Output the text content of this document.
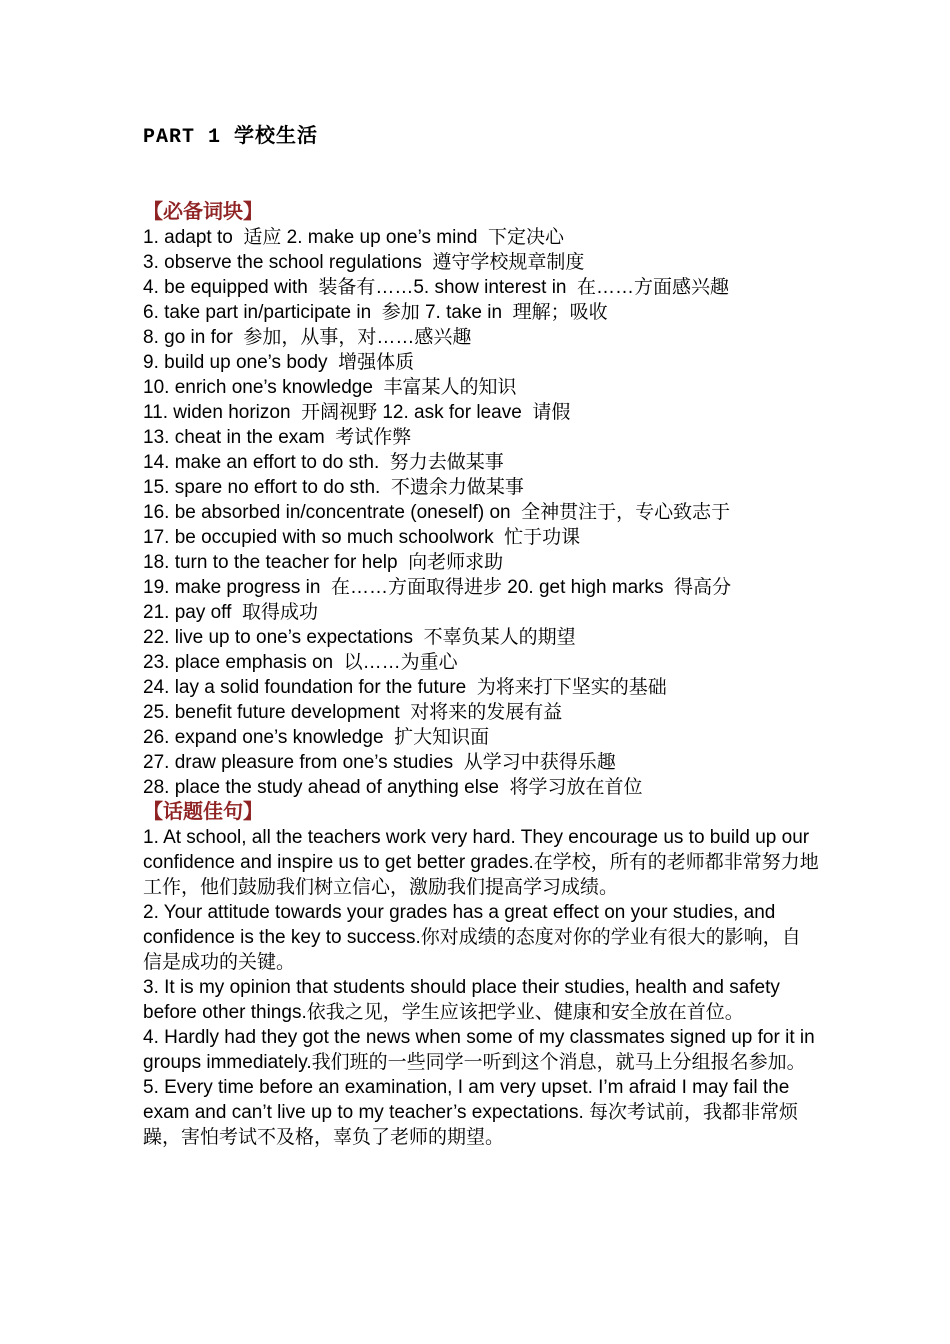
PART 1 学校生活
【必备词块】
1. adapt to  适应 2. make up one’s mind  下定决心
3. observe the school regulations  遵守学校规章制度
4. be equipped with  装备有……5. show interest in  在……方面感兴趣
6. take part in/participate in  参加 7. take in  理解；吸收
8. go in for  参加，从事，对……感兴趣
9. build up one’s body  增强体质
10. enrich one’s knowledge  丰富某人的知识
11. widen horizon  开阔视野 12. ask for leave  请假
13. cheat in the exam  考试作弊
14. make an effort to do sth.  努力去做某事
15. spare no effort to do sth.  不遗余力做某事
16. be absorbed in/concentrate (oneself) on  全神贯注于，专心致志于
17. be occupied with so much schoolwork  忙于功课
18. turn to the teacher for help  向老师求助
19. make progress in  在……方面取得进步 20. get high marks  得高分
21. pay off  取得成功
22. live up to one’s expectations  不辜负某人的期望
23. place emphasis on  以……为重心
24. lay a solid foundation for the future  为将来打下坚实的基础
25. benefit future development  对将来的发展有益
26. expand one’s knowledge  扩大知识面
27. draw pleasure from one’s studies  从学习中获得乐趣
28. place the study ahead of anything else  将学习放在首位
【话题佳句】
1. At school, all the teachers work very hard. They encourage us to build up our confidence and inspire us to get better grades.在学校，所有的老师都非常努力地工作，他们鼓励我们树立信心，激励我们提高学习成绩。
2. Your attitude towards your grades has a great effect on your studies, and confidence is the key to success.你对成绩的态度对你的学业有很大的影响，自信是成功的关键。
3. It is my opinion that students should place their studies, health and safety before other things.依我之见，学生应该把学业、健康和安全放在首位。
4. Hardly had they got the news when some of my classmates signed up for it in groups immediately.我们班的一些同学一听到这个消息，就马上分组报名参加。5. Every time before an examination, I am very upset. I’m afraid I may fail the exam and can’t live up to my teacher’s expectations. 每次考试前，我都非常烦躁，害怕考试不及格，辜负了老师的期望。
